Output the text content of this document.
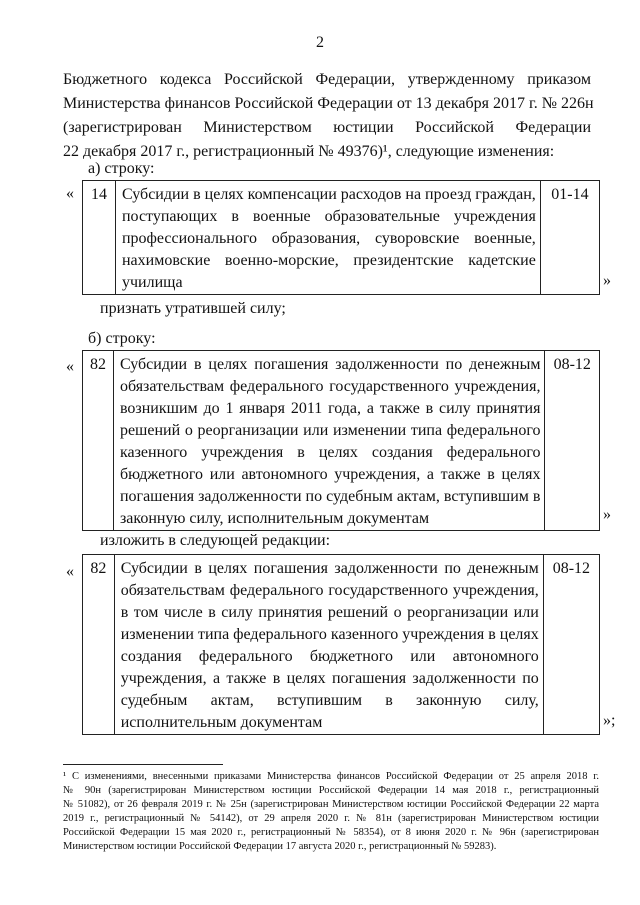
2
Бюджетного кодекса Российской Федерации, утвержденному приказом
Министерства финансов Российской Федерации от 13 декабря 2017 г. № 226н
(зарегистрирован Министерством юстиции Российской Федерации
22 декабря 2017 г., регистрационный № 49376)¹, следующие изменения:
а) строку:
« 14	Субсидии в целях компенсации расходов на проезд граждан,
поступающих в военные образовательные учреждения
профессионального образования, суворовские военные,
нахимовские военно-морские, президентские кадетские
училища
	01-14
»
признать утратившей силу;
б) строку:
« 82	Субсидии в целях погашения задолженности по денежным
обязательствам федерального государственного учреждения,
возникшим до 1 января 2011 года, а также в силу принятия
решений о реорганизации или изменении типа федерального
казенного учреждения в целях создания федерального
бюджетного или автономного учреждения, а также в целях
погашения задолженности по судебным актам, вступившим в
законную силу, исполнительным документам
	08-12
»
изложить в следующей редакции:
« 82	Субсидии в целях погашения задолженности по денежным
обязательствам федерального государственного учреждения,
в том числе в силу принятия решений о реорганизации или
изменении типа федерального казенного учреждения в целях
создания федерального бюджетного или автономного
учреждения, а также в целях погашения задолженности по
судебным актам, вступившим в законную силу,
исполнительным документам
	08-12
»;
¹ С изменениями, внесенными приказами Министерства финансов Российской Федерации от 25 апреля 2018 г.
№ 90н (зарегистрирован Министерством юстиции Российской Федерации 14 мая 2018 г., регистрационный
№ 51082), от 26 февраля 2019 г. № 25н (зарегистрирован Министерством юстиции Российской Федерации 22 марта
2019 г., регистрационный № 54142), от 29 апреля 2020 г. № 81н (зарегистрирован Министерством юстиции
Российской Федерации 15 мая 2020 г., регистрационный № 58354), от 8 июня 2020 г. № 96н (зарегистрирован
Министерством юстиции Российской Федерации 17 августа 2020 г., регистрационный № 59283).
